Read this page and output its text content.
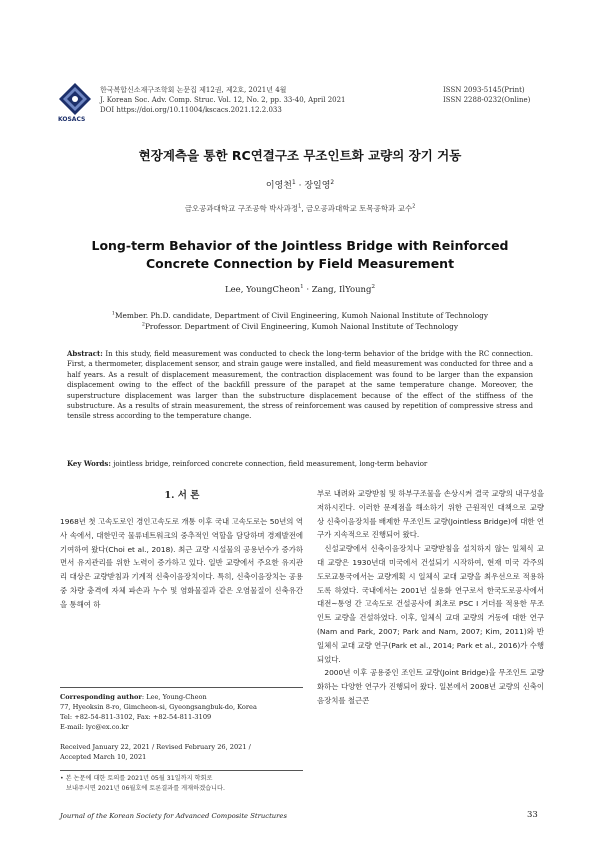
KOSACS
한국복합신소재구조학회 논문집 제12권, 제2호, 2021년 4월
J. Korean Soc. Adv. Comp. Struc. Vol. 12, No. 2, pp. 33-40, April 2021
DOI https://doi.org/10.11004/kscacs.2021.12.2.033
ISSN 2093-5145(Print)
ISSN 2288-0232(Online)
현장계측을 통한 RC연결구조 무조인트화 교량의 장기 거동
이영천$^1$ · 장일영$^2$
금오공과대학교 구조공학 박사과정$^1$, 금오공과대학교 토목공학과 교수$^2$
Long-term Behavior of the Jointless Bridge with Reinforced Concrete Connection by Field Measurement
Lee, YoungCheon$^1$ · Zang, IlYoung$^2$
$^1$Member. Ph.D. candidate, Department of Civil Engineering, Kumoh Naional Institute of Technology
$^2$Professor. Department of Civil Engineering, Kumoh Naional Institute of Technology
Abstract: In this study, field measurement was conducted to check the long-term behavior of the bridge with the RC connection. First, a thermometer, displacement sensor, and strain gauge were installed, and field measurement was conducted for three and a half years. As a result of displacement measurement, the contraction displacement was found to be larger than the expansion displacement owing to the effect of the backfill pressure of the parapet at the same temperature change. Moreover, the superstructure displacement was larger than the substructure displacement because of the effect of the stiffness of the substructure. As a results of strain measurement, the stress of reinforcement was caused by repetition of compressive stress and tensile stress according to the temperature change.
Key Words: jointless bridge, reinforced concrete connection, field measurement, long-term behavior
1. 서 론

1968년 첫 고속도로인 경인고속도로 개통 이후 국내 고속도로는 50년의 역사 속에서, 대한민국 물류네트워크의 중추적인 역할을 담당하며 경제발전에 기여하여 왔다(Choi et al., 2018). 최근 교량 시설물의 공용년수가 증가하면서 유지관리를 위한 노력이 증가하고 있다. 일반 교량에서 주요한 유지관리 대상은 교량받침과 기계적 신축이음장치이다. 특히, 신축이음장치는 공용중 차량 충격에 자체 파손과 누수 및 염화물질과 같은 오염물질이 신축유간을 통해여 하

부로 내려와 교량받침 및 하부구조물을 손상시켜 결국 교량의 내구성을 저하시킨다. 이러한 문제점을 해소하기 위한 근원적인 대책으로 교량 상 신축이음장치를 배제한 무조인트 교량(Jointless Bridge)에 대한 연구가 지속적으로 진행되어 왔다.

신설교량에서 신축이음장치나 교량받침을 설치하지 않는 일체식 교대 교량은 1930년대 미국에서 건설되기 시작하여, 현재 미국 각주의 도로교통국에서는 교량계획 시 일체식 교대 교량을 최우선으로 적용하도록 하였다. 국내에서는 2001년 실용화 연구로서 한국도로공사에서 대전~통영 간 고속도로 건설공사에 최초로 PSC I 거더를 적용한 무조인트 교량을 건설하였다. 이후, 일체식 교대 교량의 거동에 대한 연구(Nam and Park, 2007; Park and Nam, 2007; Kim, 2011)와 반일체식 교대 교량 연구(Park et al., 2014; Park et al., 2016)가 수행되었다.

2000년 이후 공용중인 조인트 교량(Joint Bridge)을 무조인트 교량화하는 다양한 연구가 진행되어 왔다. 일본에서 2008년 교량의 신축이음장치를 철근콘

Corresponding author: Lee, Young-Cheon
77, Hyeoksin 8-ro, Gimcheon-si, Gyeongsangbuk-do, Korea
Tel: +82-54-811-3102, Fax: +82-54-811-3109
E-mail: lyc@ex.co.kr
Received January 22, 2021 / Revised February 26, 2021 /
Accepted March 10, 2021
• 본 논문에 대한 토의를 2021년 05월 31일까지 학회로
보내주시면 2021년 06월호에 토론결과를 게재하겠습니다.
Journal of the Korean Society for Advanced Composite Structures	33
